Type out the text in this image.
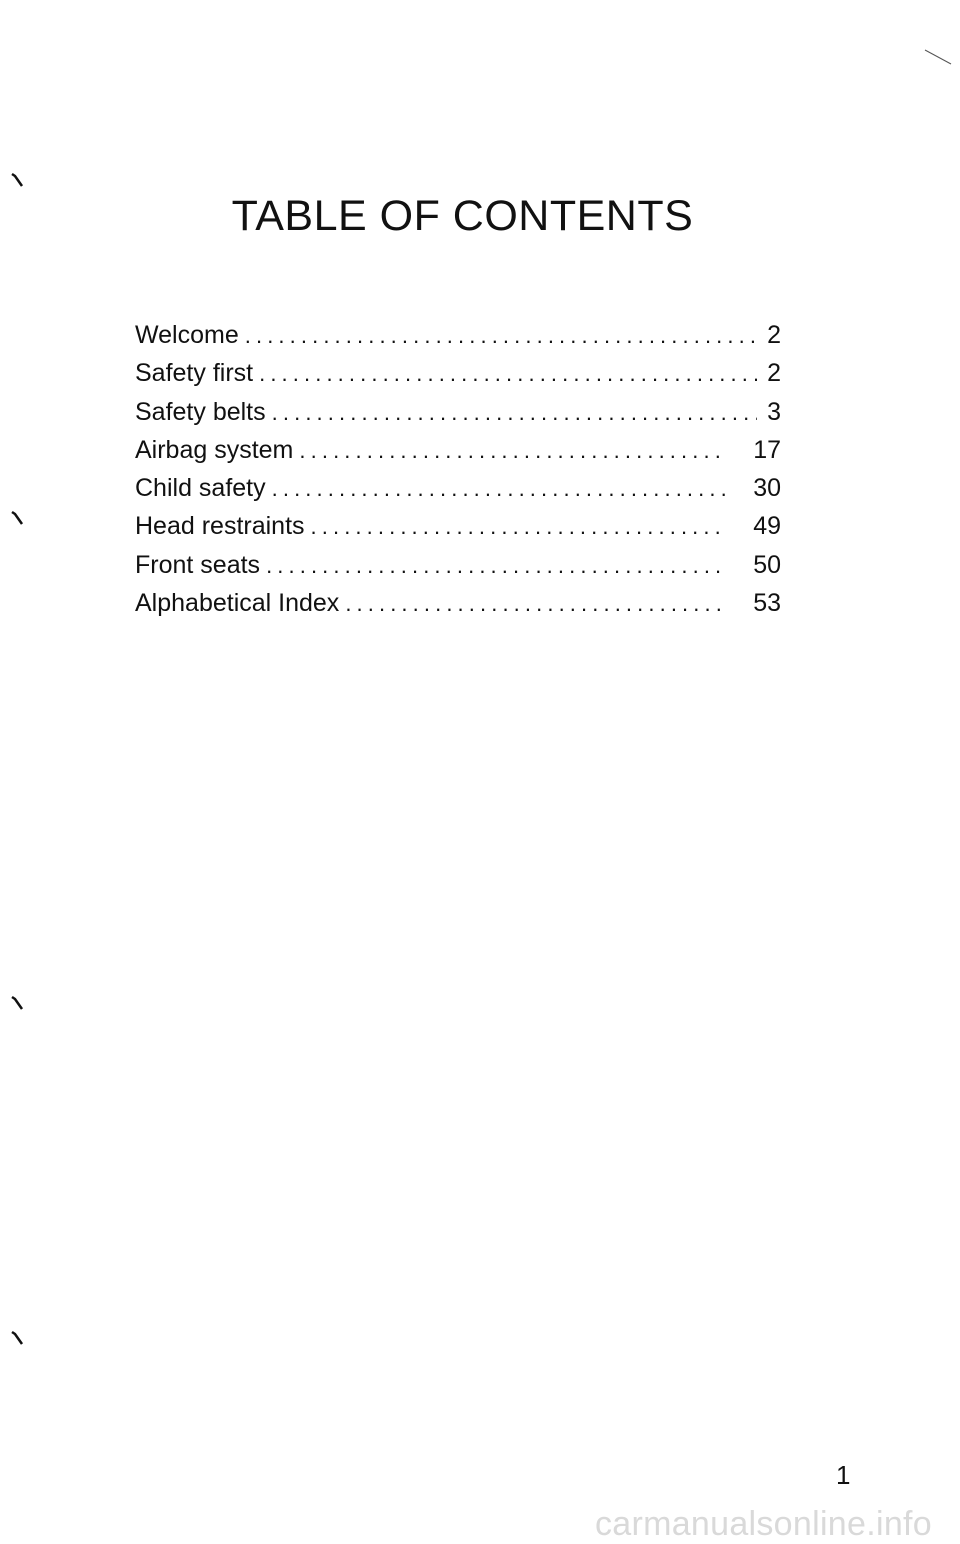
TABLE OF CONTENTS
Welcome . . .	2
Safety first . . .	2
Safety belts . . .	3
Airbag system . . .	17
Child safety . . .	30
Head restraints . . .	49
Front seats . . .	50
Alphabetical Index . . .	53
1
carmanualsonline.info
